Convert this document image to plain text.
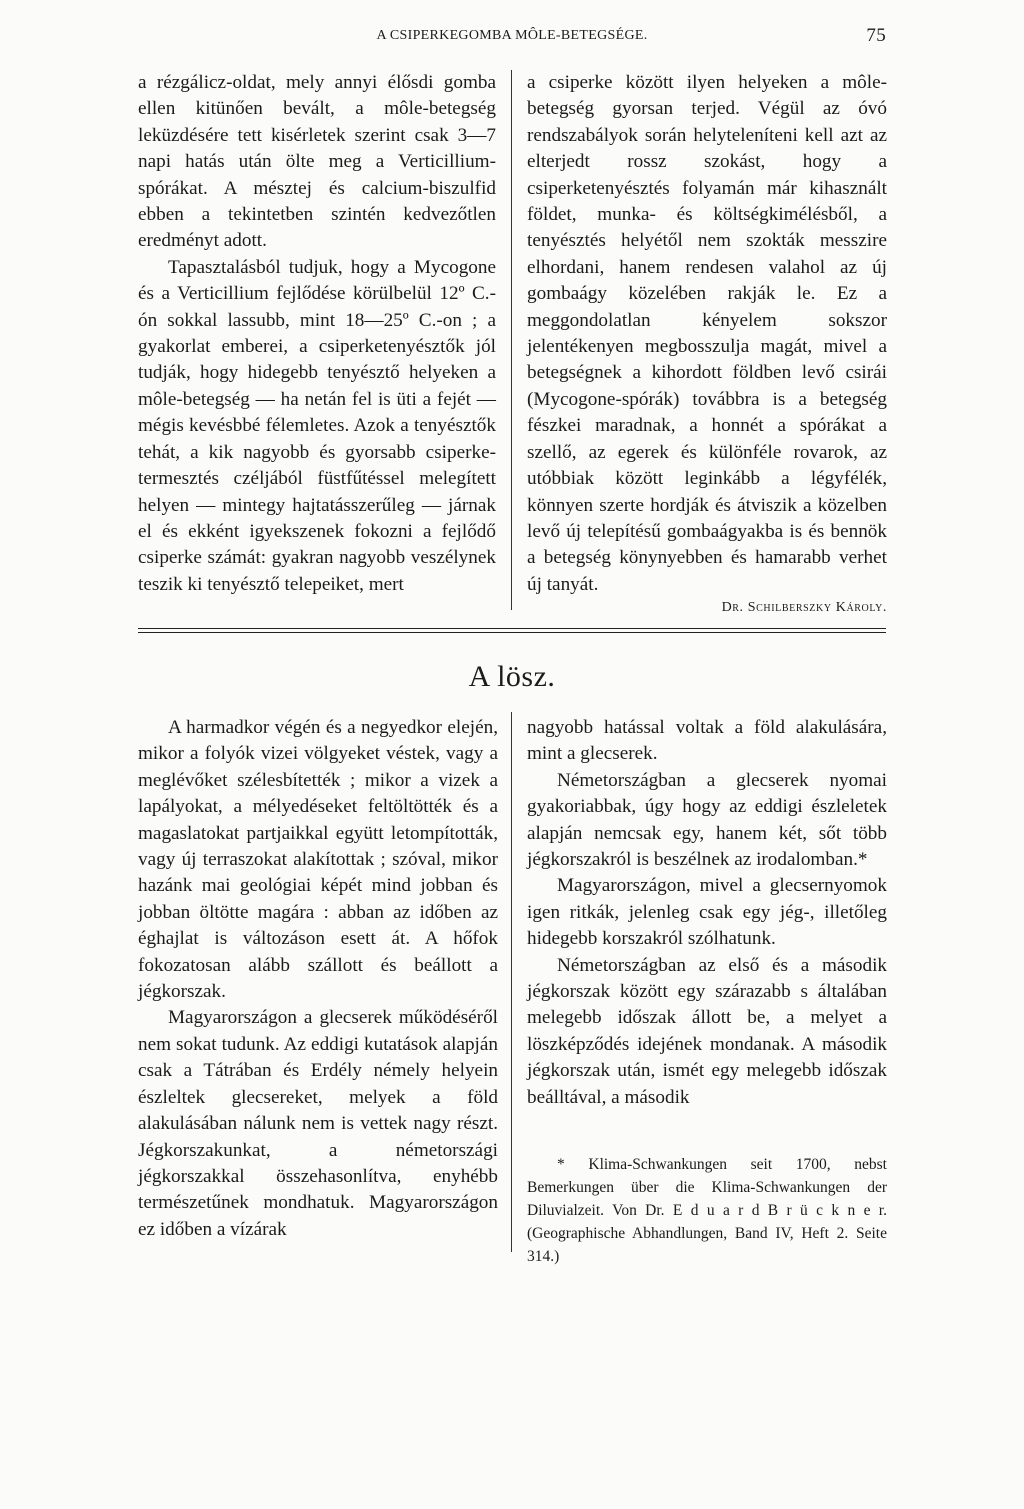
A CSIPERKEGOMBA MÔLE-BETEGSÉGE.	75

a rézgálicz-oldat, mely annyi élősdi gomba ellen kitünően bevált, a môle-betegség leküzdésére tett kisérletek szerint csak 3—7 napi hatás után ölte meg a Verticillium-spórákat. A mésztej és calcium-biszulfid ebben a tekintetben szintén kedvezőtlen eredményt adott.

Tapasztalásból tudjuk, hogy a Mycogone és a Verticillium fejlődése körülbelül 12º C.-ón sokkal lassubb, mint 18—25º C.-on ; a gyakorlat emberei, a csiperketenyésztők jól tudják, hogy hidegebb tenyésztő helyeken a môle-betegség — ha netán fel is üti a fejét — mégis kevésbbé félemletes. Azok a tenyésztők tehát, a kik nagyobb és gyorsabb csiperke-termesztés czéljából füstfűtéssel melegített helyen — mintegy hajtatásszerűleg — járnak el és ekként igyekszenek fokozni a fejlődő csiperke számát: gyakran nagyobb veszélynek teszik ki tenyésztő telepeiket, mert

a csiperke között ilyen helyeken a môle-betegség gyorsan terjed. Végül az óvó rendszabályok során helyteleníteni kell azt az elterjedt rossz szokást, hogy a csiperketenyésztés folyamán már kihasznált földet, munka- és költségkimélésből, a tenyésztés helyétől nem szokták messzire elhordani, hanem rendesen valahol az új gombaágy közelében rakják le. Ez a meggondolatlan kényelem sokszor jelentékenyen megbosszulja magát, mivel a betegségnek a kihordott földben levő csirái (Mycogone-spórák) továbbra is a betegség fészkei maradnak, a honnét a spórákat a szellő, az egerek és különféle rovarok, az utóbbiak között leginkább a légyfélék, könnyen szerte hordják és átviszik a közelben levő új telepítésű gombaágyakba is és bennök a betegség könynyebben és hamarabb verhet új tanyát.

Dr. Schilberszky Károly.
A lösz.

A harmadkor végén és a negyedkor elején, mikor a folyók vizei völgyeket véstek, vagy a meglévőket szélesbítették ; mikor a vizek a lapályokat, a mélyedéseket feltöltötték és a magaslatokat partjaikkal együtt letompították, vagy új terraszokat alakítottak ; szóval, mikor hazánk mai geológiai képét mind jobban és jobban öltötte magára : abban az időben az éghajlat is változáson esett át. A hőfok fokozatosan alább szállott és beállott a jégkorszak.

Magyarországon a glecserek működéséről nem sokat tudunk. Az eddigi kutatások alapján csak a Tátrában és Erdély némely helyein észleltek glecsereket, melyek a föld alakulásában nálunk nem is vettek nagy részt. Jégkorszakunkat, a németországi jégkorszakkal összehasonlítva, enyhébb természetűnek mondhatuk. Magyarországon ez időben a vízárak

nagyobb hatással voltak a föld alakulására, mint a glecserek.

Németországban a glecserek nyomai gyakoriabbak, úgy hogy az eddigi észleletek alapján nemcsak egy, hanem két, sőt több jégkorszakról is beszélnek az irodalomban.*

Magyarországon, mivel a glecsernyomok igen ritkák, jelenleg csak egy jég-, illetőleg hidegebb korszakról szólhatunk.

Németországban az első és a második jégkorszak között egy szárazabb s általában melegebb időszak állott be, a melyet a löszképződés idejének mondanak. A második jégkorszak után, ismét egy melegebb időszak beálltával, a második

* Klima-Schwankungen seit 1700, nebst Bemerkungen über die Klima-Schwankungen der Diluvialzeit. Von Dr. E d u a r d B r ü c k n e r. (Geographische Abhandlungen, Band IV, Heft 2. Seite 314.)
